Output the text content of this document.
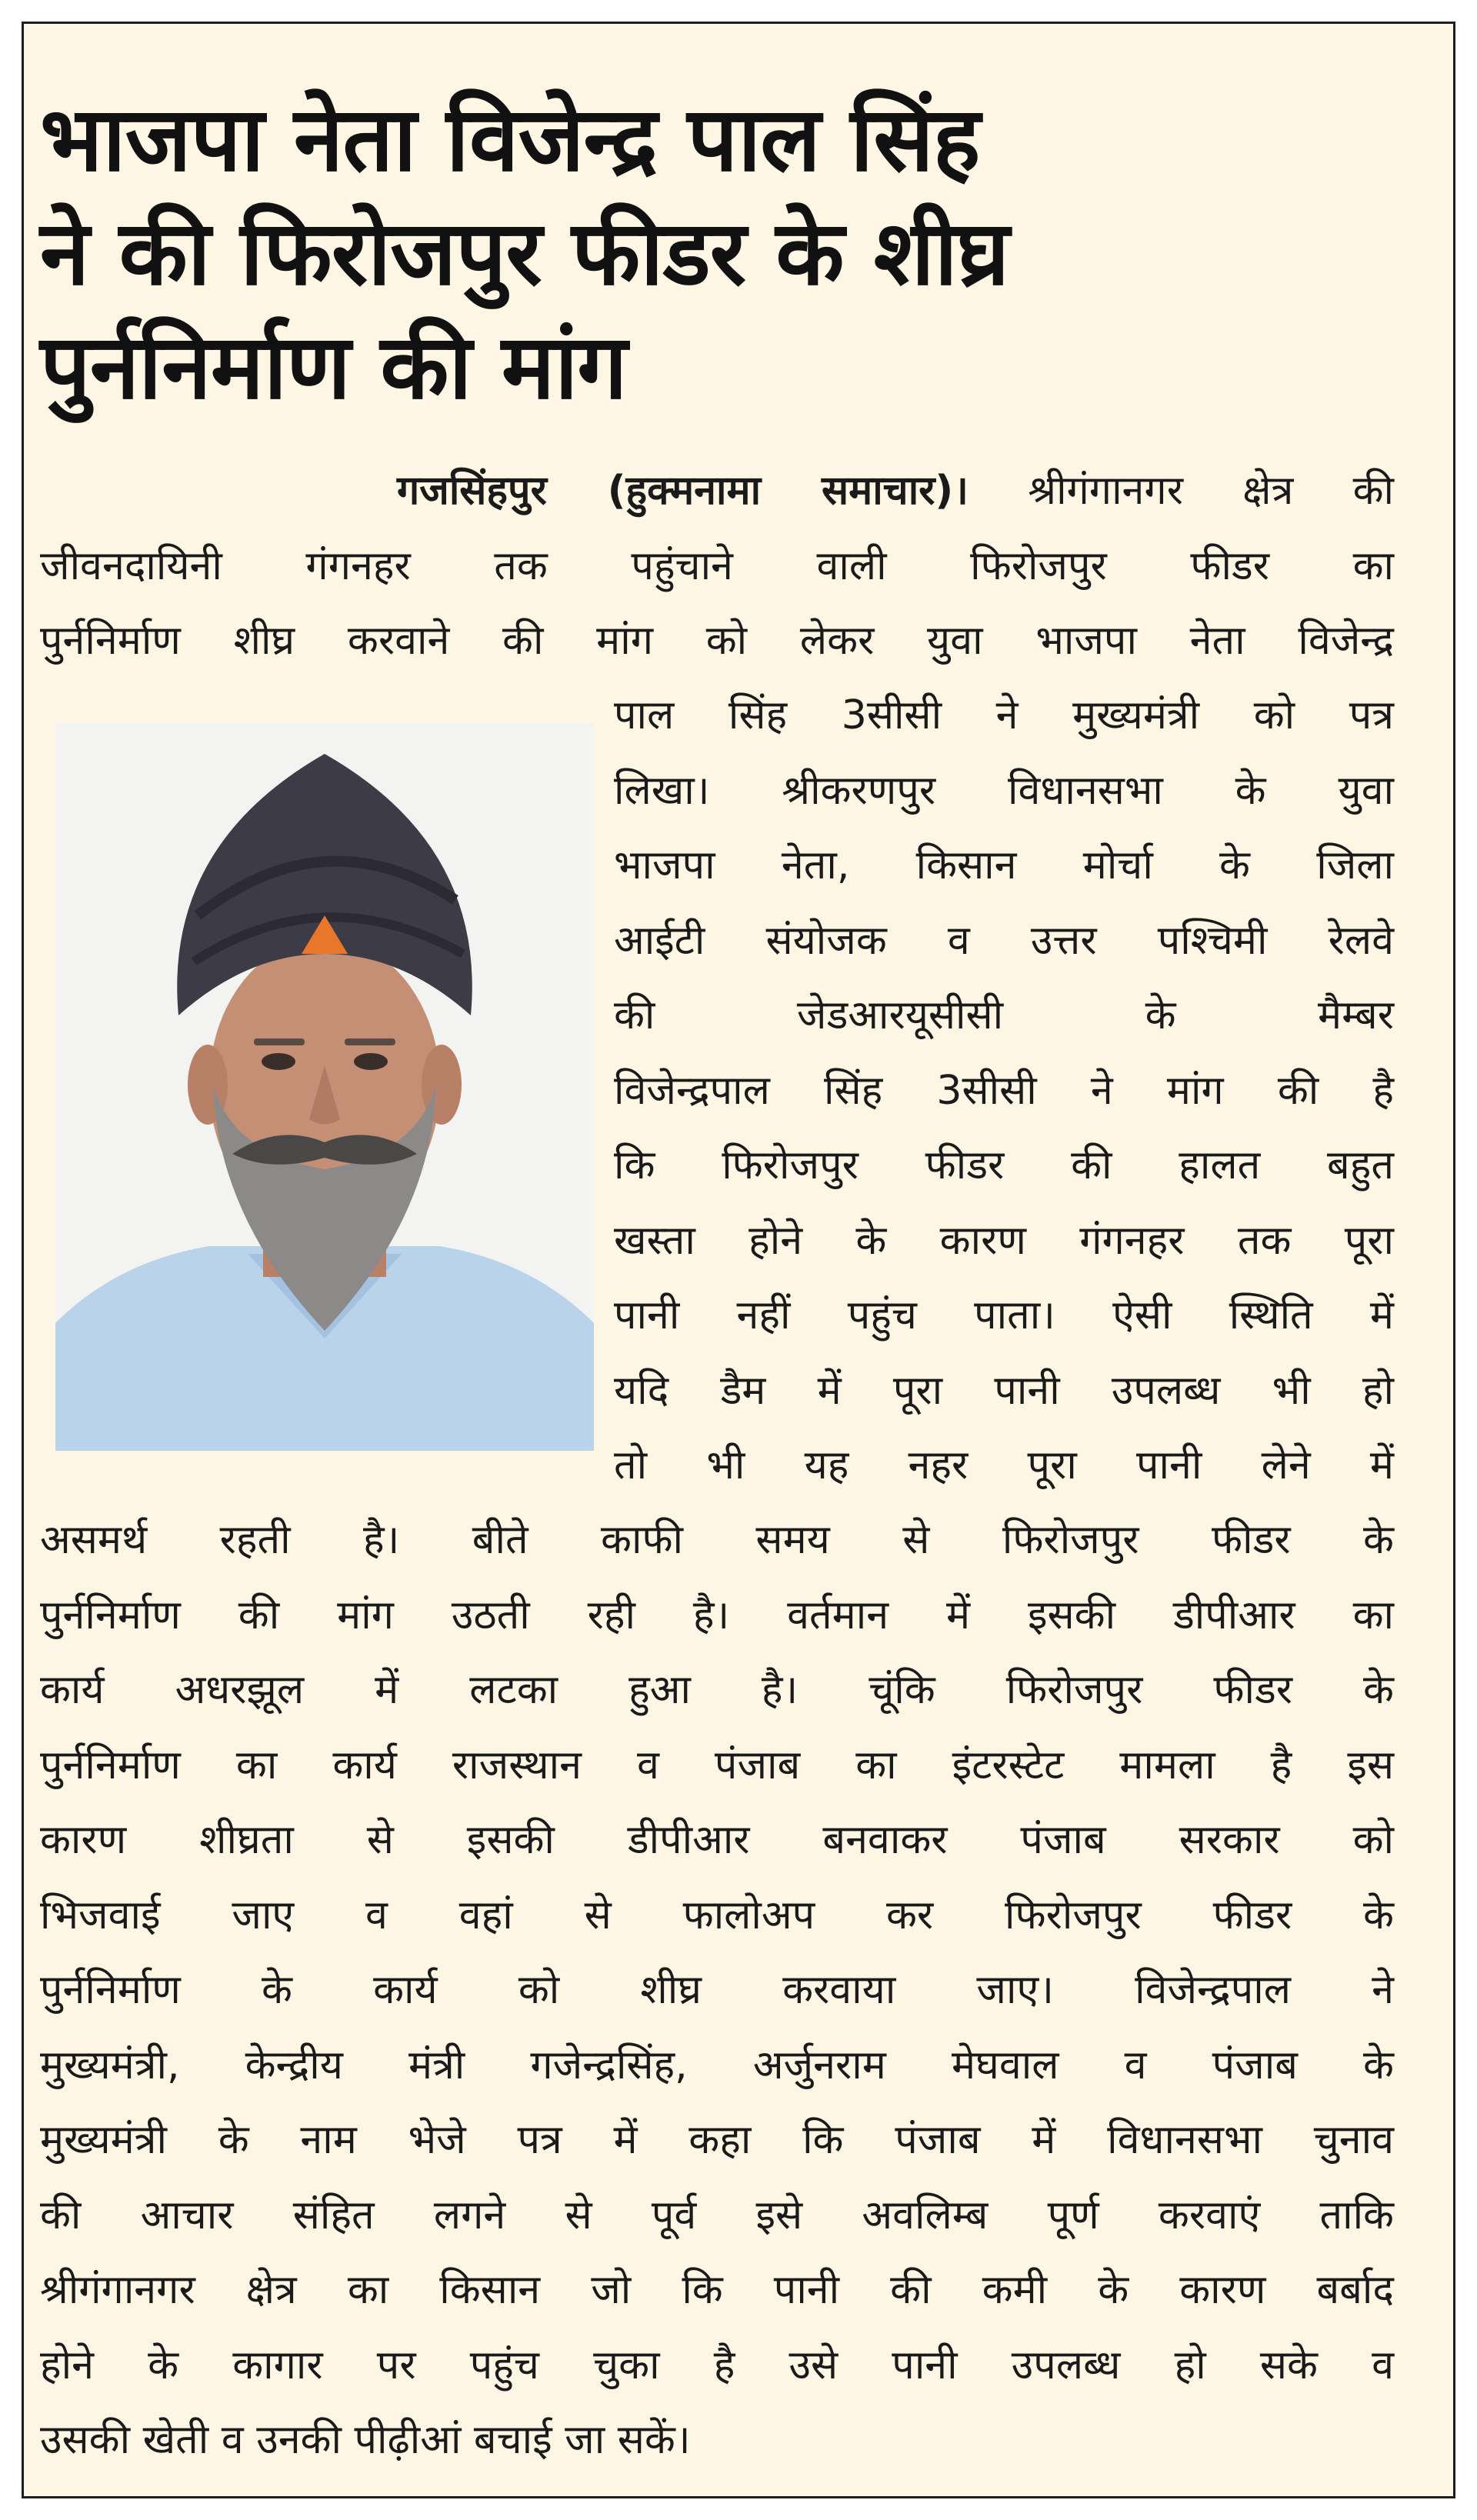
भाजपा नेता विजेन्द्र पाल सिंह
ने की फिरोजपुर फीडर के शीघ्र
पुर्ननिर्माण की मांग
गजसिंहपुर (हुक्मनामा समाचार)। श्रीगंगानगर क्षेत्र की
जीवनदायिनी गंगनहर तक पहुंचाने वाली फिरोजपुर फीडर का
पुर्ननिर्माण शीघ्र करवाने की मांग को लेकर युवा भाजपा नेता विजेन्द्र
पाल सिंह 3सीसी ने मुख्यमंत्री को पत्र
लिखा। श्रीकरणपुर विधानसभा के युवा
भाजपा नेता, किसान मोर्चा के जिला
आईटी संयोजक व उत्तर पश्चिमी रेलवे
की जेडआरयूसीसी के मैम्बर
विजेन्द्रपाल सिंह 3सीसी ने मांग की है
कि फिरोजपुर फीडर की हालत बहुत
खस्ता होने के कारण गंगनहर तक पूरा
पानी नहीं पहुंच पाता। ऐसी स्थिति में
यदि डैम में पूरा पानी उपलब्ध भी हो
तो भी यह नहर पूरा पानी लेने में
असमर्थ रहती है। बीते काफी समय से फिरोजपुर फीडर के
पुर्ननिर्माण की मांग उठती रही है। वर्तमान में इसकी डीपीआर का
कार्य अधरझूल में लटका हुआ है। चूंकि फिरोजपुर फीडर के
पुर्ननिर्माण का कार्य राजस्थान व पंजाब का इंटरस्टेट मामला है इस
कारण शीघ्रता से इसकी डीपीआर बनवाकर पंजाब सरकार को
भिजवाई जाए व वहां से फालोअप कर फिरोजपुर फीडर के
पुर्ननिर्माण के कार्य को शीघ्र करवाया जाए। विजेन्द्रपाल ने
मुख्यमंत्री, केन्द्रीय मंत्री गजेन्द्रसिंह, अर्जुनराम मेघवाल व पंजाब के
मुख्यमंत्री के नाम भेजे पत्र में कहा कि पंजाब में विधानसभा चुनाव
की आचार संहित लगने से पूर्व इसे अवलिम्ब पूर्ण करवाएं ताकि
श्रीगंगानगर क्षेत्र का किसान जो कि पानी की कमी के कारण बर्बाद
होने के कागार पर पहुंच चुका है उसे पानी उपलब्ध हो सके व
उसकी खेती व उनकी पीढ़ीआं बचाई जा सकें।
